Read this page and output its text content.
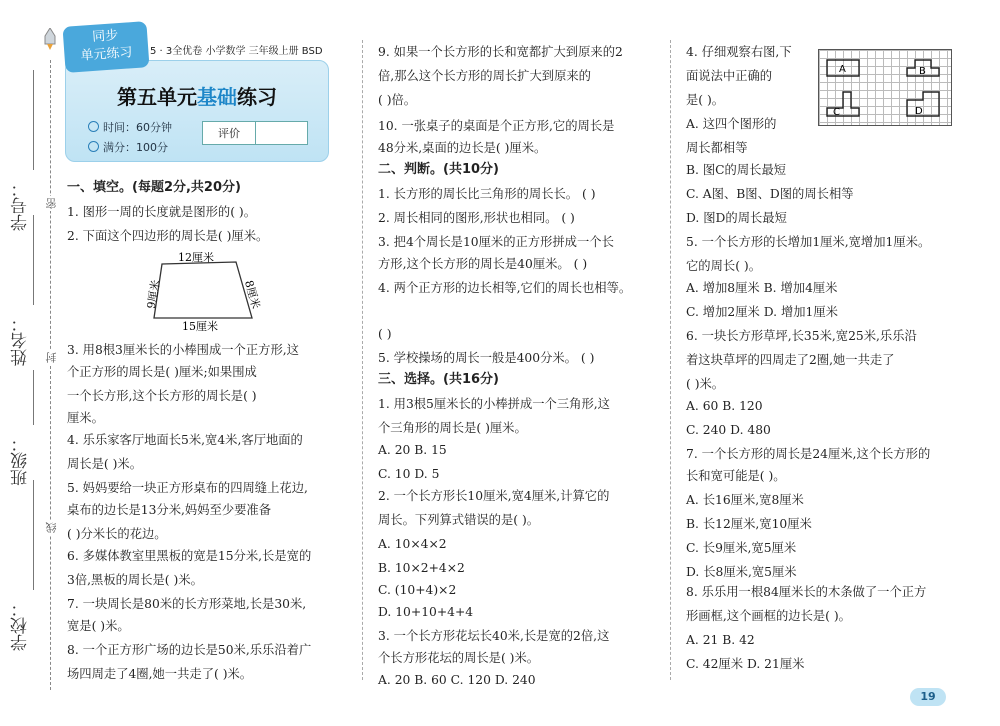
学号： 密
姓名： 封
班级：
线
学校：
第五单元基础练习
时间：60分钟
满分：100分
评价
同步
单元练习	5 · 3全优卷 小学数学 三年级上册 BSD
一、填空。(每题2分,共20分)
1. 图形一周的长度就是图形的( )。
2. 下面这个四边形的周长是( )厘米。
3. 用8根3厘米长的小棒围成一个正方形,这
个正方形的周长是( )厘米;如果围成
一个长方形,这个长方形的周长是( )
厘米。
4. 乐乐家客厅地面长5米,宽4米,客厅地面的
周长是( )米。
5. 妈妈要给一块正方形桌布的四周缝上花边,
桌布的边长是13分米,妈妈至少要准备
( )分米长的花边。
6. 多媒体教室里黑板的宽是15分米,长是宽的
3倍,黑板的周长是( )米。
7. 一块周长是80米的长方形菜地,长是30米,
宽是( )米。
8. 一个正方形广场的边长是50米,乐乐沿着广
场四周走了4圈,她一共走了( )米。
9. 如果一个长方形的长和宽都扩大到原来的2
倍,那么这个长方形的周长扩大到原来的
( )倍。
10. 一张桌子的桌面是个正方形,它的周长是
48分米,桌面的边长是( )厘米。
二、判断。(共10分)
1. 长方形的周长比三角形的周长长。 ( )
2. 周长相同的图形,形状也相同。 ( )
3. 把4个周长是10厘米的正方形拼成一个长
方形,这个长方形的周长是40厘米。 ( )
4. 两个正方形的边长相等,它们的周长也相等。
( )
5. 学校操场的周长一般是400分米。 ( )
三、选择。(共16分)
1. 用3根5厘米长的小棒拼成一个三角形,这
个三角形的周长是( )厘米。
A. 20 B. 15
C. 10 D. 5
2. 一个长方形长10厘米,宽4厘米,计算它的
周长。下列算式错误的是( )。
A. 10×4×2
B. 10×2+4×2
C. (10+4)×2
D. 10+10+4+4
3. 一个长方形花坛长40米,长是宽的2倍,这
个长方形花坛的周长是( )米。
A. 20 B. 60 C. 120 D. 240
4. 仔细观察右图,下
面说法中正确的
是( )。
A. 这四个图形的
周长都相等
B. 图C的周长最短
C. A图、B图、D图的周长相等
D. 图D的周长最短
5. 一个长方形的长增加1厘米,宽增加1厘米。
它的周长( )。
A. 增加8厘米 B. 增加4厘米
C. 增加2厘米 D. 增加1厘米
6. 一块长方形草坪,长35米,宽25米,乐乐沿
着这块草坪的四周走了2圈,她一共走了
( )米。
A. 60 B. 120
C. 240 D. 480
7. 一个长方形的周长是24厘米,这个长方形的
长和宽可能是( )。
A. 长16厘米,宽8厘米
B. 长12厘米,宽10厘米
C. 长9厘米,宽5厘米
D. 长8厘米,宽5厘米
8. 乐乐用一根84厘米长的木条做了一个正方
形画框,这个画框的边长是( )。
A. 21 B. 42
C. 42厘米 D. 21厘米
12厘米
9厘米	8厘米
15厘米
A	B
C	D
19
